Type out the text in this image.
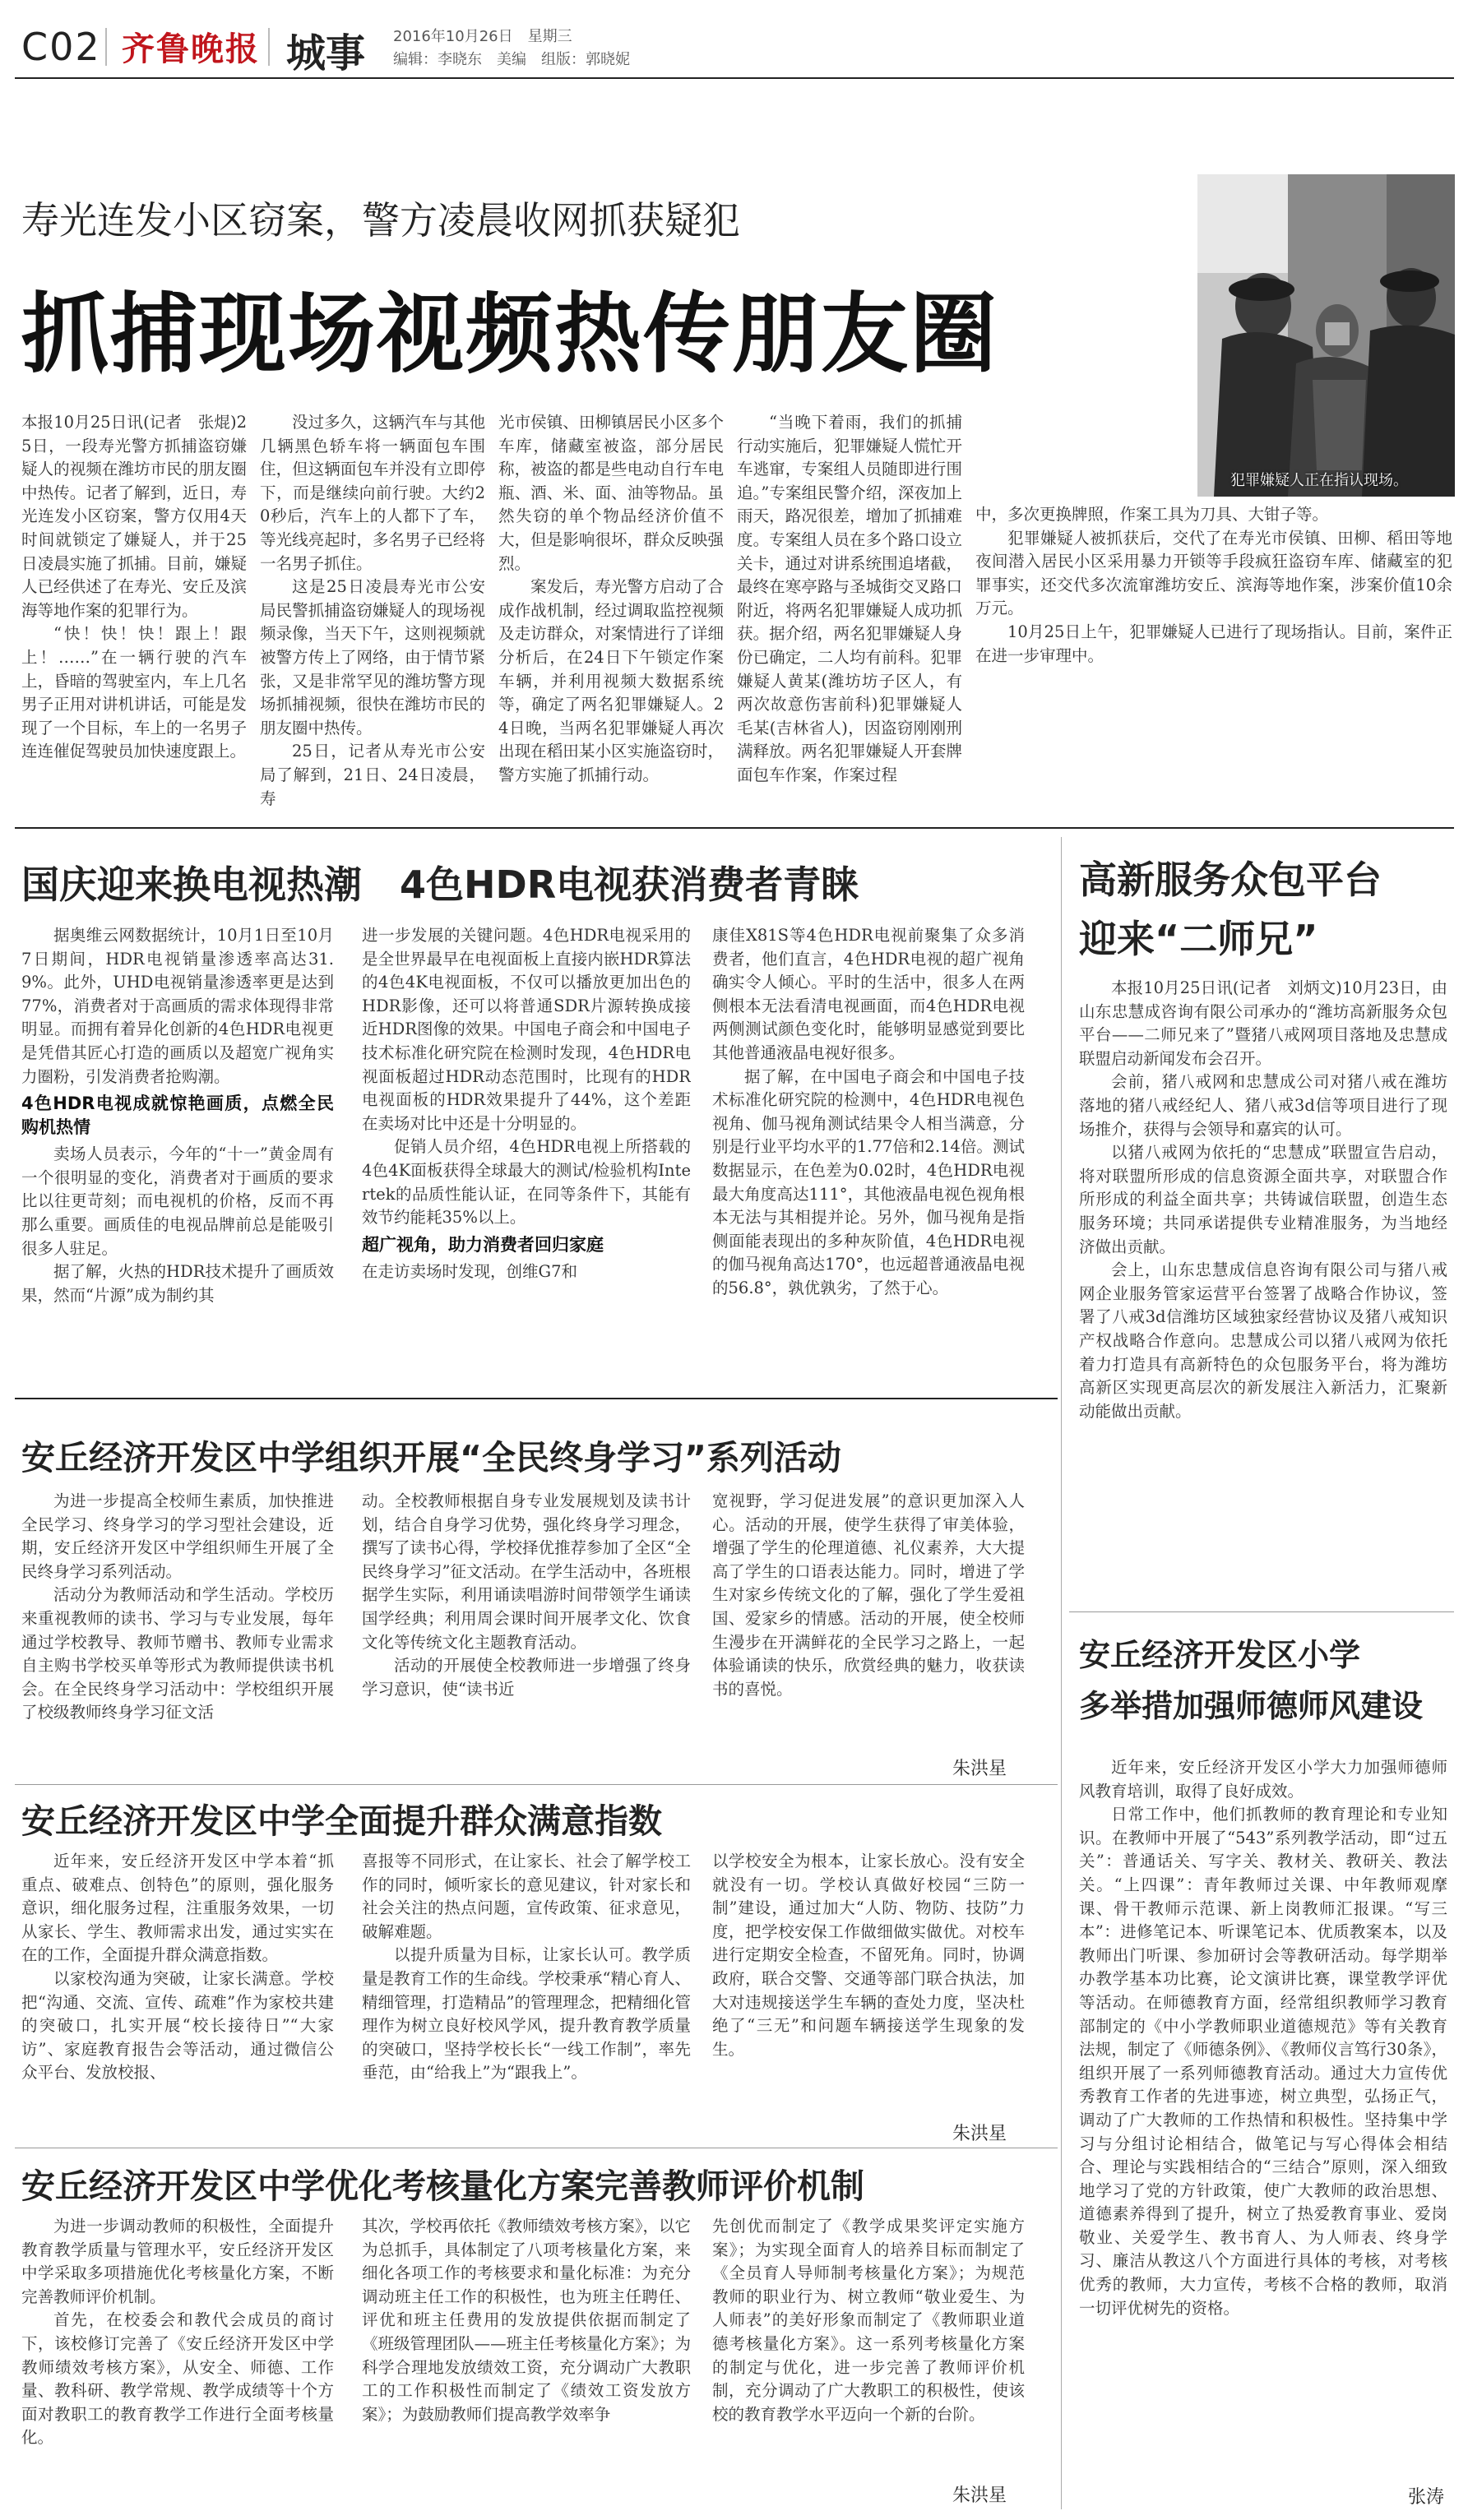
C02 齐鲁晚报 城事 2016年10月26日　星期三
编辑：李晓东　美编　组版：郭晓妮
寿光连发小区窃案，警方凌晨收网抓获疑犯
抓捕现场视频热传朋友圈
犯罪嫌疑人正在指认现场。

本报10月25日讯(记者　张焜)25日，一段寿光警方抓捕盗窃嫌疑人的视频在潍坊市民的朋友圈中热传。记者了解到，近日，寿光连发小区窃案，警方仅用4天时间就锁定了嫌疑人，并于25日凌晨实施了抓捕。目前，嫌疑人已经供述了在寿光、安丘及滨海等地作案的犯罪行为。

“快！快！快！跟上！跟上！……”在一辆行驶的汽车上，昏暗的驾驶室内，车上几名男子正用对讲机讲话，可能是发现了一个目标，车上的一名男子连连催促驾驶员加快速度跟上。

没过多久，这辆汽车与其他几辆黑色轿车将一辆面包车围住，但这辆面包车并没有立即停下，而是继续向前行驶。大约20秒后，汽车上的人都下了车，等光线亮起时，多名男子已经将一名男子抓住。

这是25日凌晨寿光市公安局民警抓捕盗窃嫌疑人的现场视频录像，当天下午，这则视频就被警方传上了网络，由于情节紧张，又是非常罕见的潍坊警方现场抓捕视频，很快在潍坊市民的朋友圈中热传。

25日，记者从寿光市公安局了解到，21日、24日凌晨，寿

光市侯镇、田柳镇居民小区多个车库，储藏室被盗，部分居民称，被盗的都是些电动自行车电瓶、酒、米、面、油等物品。虽然失窃的单个物品经济价值不大，但是影响很坏，群众反映强烈。

案发后，寿光警方启动了合成作战机制，经过调取监控视频及走访群众，对案情进行了详细分析后，在24日下午锁定作案车辆，并利用视频大数据系统等，确定了两名犯罪嫌疑人。24日晚，当两名犯罪嫌疑人再次出现在稻田某小区实施盗窃时，警方实施了抓捕行动。

“当晚下着雨，我们的抓捕行动实施后，犯罪嫌疑人慌忙开车逃窜，专案组人员随即进行围追。”专案组民警介绍，深夜加上雨天，路况很差，增加了抓捕难度。专案组人员在多个路口设立关卡，通过对讲系统围追堵截，最终在寒亭路与圣城街交叉路口附近，将两名犯罪嫌疑人成功抓获。据介绍，两名犯罪嫌疑人身份已确定，二人均有前科。犯罪嫌疑人黄某(潍坊坊子区人，有两次故意伤害前科)犯罪嫌疑人毛某(吉林省人)，因盗窃刚刚刑满释放。两名犯罪嫌疑人开套牌面包车作案，作案过程

中，多次更换牌照，作案工具为刀具、大钳子等。

犯罪嫌疑人被抓获后，交代了在寿光市侯镇、田柳、稻田等地夜间潜入居民小区采用暴力开锁等手段疯狂盗窃车库、储藏室的犯罪事实，还交代多次流窜潍坊安丘、滨海等地作案，涉案价值10余万元。

10月25日上午，犯罪嫌疑人已进行了现场指认。目前，案件正在进一步审理中。

国庆迎来换电视热潮　4色HDR电视获消费者青睐

据奥维云网数据统计，10月1日至10月7日期间，HDR电视销量渗透率高达31.9%。此外，UHD电视销量渗透率更是达到77%，消费者对于高画质的需求体现得非常明显。而拥有着异化创新的4色HDR电视更是凭借其匠心打造的画质以及超宽广视角实力圈粉，引发消费者抢购潮。

4色HDR电视成就惊艳画质，点燃全民购机热情

卖场人员表示，今年的“十一”黄金周有一个很明显的变化，消费者对于画质的要求比以往更苛刻；而电视机的价格，反而不再那么重要。画质佳的电视品牌前总是能吸引很多人驻足。

据了解，火热的HDR技术提升了画质效果，然而“片源”成为制约其

进一步发展的关键问题。4色HDR电视采用的是全世界最早在电视面板上直接内嵌HDR算法的4色4K电视面板，不仅可以播放更加出色的HDR影像，还可以将普通SDR片源转换成接近HDR图像的效果。中国电子商会和中国电子技术标准化研究院在检测时发现，4色HDR电视面板超过HDR动态范围时，比现有的HDR电视面板的HDR效果提升了44%，这个差距在卖场对比中还是十分明显的。

促销人员介绍，4色HDR电视上所搭载的4色4K面板获得全球最大的测试/检验机构Intertek的品质性能认证，在同等条件下，其能有效节约能耗35%以上。

超广视角，助力消费者回归家庭

在走访卖场时发现，创维G7和

康佳X81S等4色HDR电视前聚集了众多消费者，他们直言，4色HDR电视的超广视角确实令人倾心。平时的生活中，很多人在两侧根本无法看清电视画面，而4色HDR电视两侧测试颜色变化时，能够明显感觉到要比其他普通液晶电视好很多。

据了解，在中国电子商会和中国电子技术标准化研究院的检测中，4色HDR电视色视角、伽马视角测试结果令人相当满意，分别是行业平均水平的1.77倍和2.14倍。测试数据显示，在色差为0.02时，4色HDR电视最大角度高达111°，其他液晶电视色视角根本无法与其相提并论。另外，伽马视角是指侧面能表现出的多种灰阶值，4色HDR电视的伽马视角高达170°，也远超普通液晶电视的56.8°，孰优孰劣，了然于心。

高新服务众包平台
迎来“二师兄”

本报10月25日讯(记者　刘炳文)10月23日，由山东忠慧成咨询有限公司承办的“潍坊高新服务众包平台——二师兄来了”暨猪八戒网项目落地及忠慧成联盟启动新闻发布会召开。

会前，猪八戒网和忠慧成公司对猪八戒在潍坊落地的猪八戒经纪人、猪八戒3d信等项目进行了现场推介，获得与会领导和嘉宾的认可。

以猪八戒网为依托的“忠慧成”联盟宣告启动，将对联盟所形成的信息资源全面共享，对联盟合作所形成的利益全面共享；共铸诚信联盟，创造生态服务环境；共同承诺提供专业精准服务，为当地经济做出贡献。

会上，山东忠慧成信息咨询有限公司与猪八戒网企业服务管家运营平台签署了战略合作协议，签署了八戒3d信潍坊区域独家经营协议及猪八戒知识产权战略合作意向。忠慧成公司以猪八戒网为依托着力打造具有高新特色的众包服务平台，将为潍坊高新区实现更高层次的新发展注入新活力，汇聚新动能做出贡献。

安丘经济开发区中学组织开展“全民终身学习”系列活动

为进一步提高全校师生素质，加快推进全民学习、终身学习的学习型社会建设，近期，安丘经济开发区中学组织师生开展了全民终身学习系列活动。

活动分为教师活动和学生活动。学校历来重视教师的读书、学习与专业发展，每年通过学校教导、教师节赠书、教师专业需求自主购书学校买单等形式为教师提供读书机会。在全民终身学习活动中：学校组织开展了校级教师终身学习征文活

动。全校教师根据自身专业发展规划及读书计划，结合自身学习优势，强化终身学习理念，撰写了读书心得，学校择优推荐参加了全区“全民终身学习”征文活动。在学生活动中，各班根据学生实际，利用诵读唱游时间带领学生诵读国学经典；利用周会课时间开展孝文化、饮食文化等传统文化主题教育活动。

活动的开展使全校教师进一步增强了终身学习意识，使“读书近

宽视野，学习促进发展”的意识更加深入人心。活动的开展，使学生获得了审美体验，增强了学生的伦理道德、礼仪素养，大大提高了学生的口语表达能力。同时，增进了学生对家乡传统文化的了解，强化了学生爱祖国、爱家乡的情感。活动的开展，使全校师生漫步在开满鲜花的全民学习之路上，一起体验诵读的快乐，欣赏经典的魅力，收获读书的喜悦。

朱洪星
安丘经济开发区中学全面提升群众满意指数

近年来，安丘经济开发区中学本着“抓重点、破难点、创特色”的原则，强化服务意识，细化服务过程，注重服务效果，一切从家长、学生、教师需求出发，通过实实在在的工作，全面提升群众满意指数。

以家校沟通为突破，让家长满意。学校把“沟通、交流、宣传、疏难”作为家校共建的突破口，扎实开展“校长接待日”“大家访”、家庭教育报告会等活动，通过微信公众平台、发放校报、

喜报等不同形式，在让家长、社会了解学校工作的同时，倾听家长的意见建议，针对家长和社会关注的热点问题，宣传政策、征求意见，破解难题。

以提升质量为目标，让家长认可。教学质量是教育工作的生命线。学校秉承“精心育人、精细管理，打造精品”的管理理念，把精细化管理作为树立良好校风学风，提升教育教学质量的突破口，坚持学校长长“一线工作制”，率先垂范，由“给我上”为“跟我上”。

以学校安全为根本，让家长放心。没有安全就没有一切。学校认真做好校园“三防一制”建设，通过加大“人防、物防、技防”力度，把学校安保工作做细做实做优。对校车进行定期安全检查，不留死角。同时，协调政府，联合交警、交通等部门联合执法，加大对违规接送学生车辆的查处力度，坚决杜绝了“三无”和问题车辆接送学生现象的发生。

朱洪星
安丘经济开发区中学优化考核量化方案完善教师评价机制

为进一步调动教师的积极性，全面提升教育教学质量与管理水平，安丘经济开发区中学采取多项措施优化考核量化方案，不断完善教师评价机制。

首先，在校委会和教代会成员的商讨下，该校修订完善了《安丘经济开发区中学教师绩效考核方案》，从安全、师德、工作量、教科研、教学常规、教学成绩等十个方面对教职工的教育教学工作进行全面考核量化。

其次，学校再依托《教师绩效考核方案》，以它为总抓手，具体制定了八项考核量化方案，来细化各项工作的考核要求和量化标准：为充分调动班主任工作的积极性，也为班主任聘任、评优和班主任费用的发放提供依据而制定了《班级管理团队——班主任考核量化方案》；为科学合理地发放绩效工资，充分调动广大教职工的工作积极性而制定了《绩效工资发放方案》；为鼓励教师们提高教学效率争

先创优而制定了《教学成果奖评定实施方案》；为实现全面育人的培养目标而制定了《全员育人导师制考核量化方案》；为规范教师的职业行为、树立教师“敬业爱生、为人师表”的美好形象而制定了《教师职业道德考核量化方案》。这一系列考核量化方案的制定与优化，进一步完善了教师评价机制，充分调动了广大教职工的积极性，使该校的教育教学水平迈向一个新的台阶。

朱洪星
安丘经济开发区小学
多举措加强师德师风建设

近年来，安丘经济开发区小学大力加强师德师风教育培训，取得了良好成效。

日常工作中，他们抓教师的教育理论和专业知识。在教师中开展了“543”系列教学活动，即“过五关”：普通话关、写字关、教材关、教研关、教法关。“上四课”：青年教师过关课、中年教师观摩课、骨干教师示范课、新上岗教师汇报课。“写三本”：进修笔记本、听课笔记本、优质教案本，以及教师出门听课、参加研讨会等教研活动。每学期举办教学基本功比赛，论文演讲比赛，课堂教学评优等活动。在师德教育方面，经常组织教师学习教育部制定的《中小学教师职业道德规范》等有关教育法规，制定了《师德条例》、《教师仪言笃行30条》，组织开展了一系列师德教育活动。通过大力宣传优秀教育工作者的先进事迹，树立典型，弘扬正气，调动了广大教师的工作热情和积极性。坚持集中学习与分组讨论相结合，做笔记与写心得体会相结合、理论与实践相结合的“三结合”原则，深入细致地学习了党的方针政策，使广大教师的政治思想、道德素养得到了提升，树立了热爱教育事业、爱岗敬业、关爱学生、教书育人、为人师表、终身学习、廉洁从教这八个方面进行具体的考核，对考核优秀的教师，大力宣传，考核不合格的教师，取消一切评优树先的资格。

张涛
